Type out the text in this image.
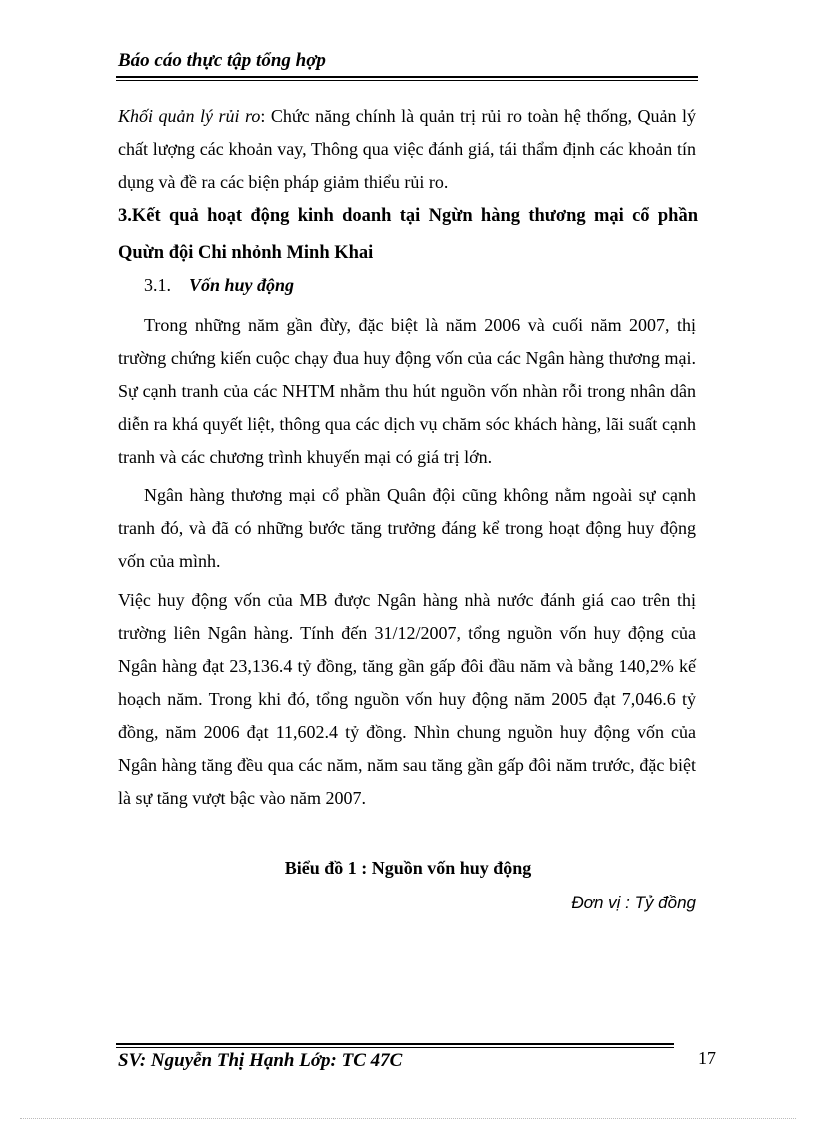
Báo cáo thực tập tổng hợp
Khối quản lý rủi ro: Chức năng chính là quản trị rủi ro toàn hệ thống, Quản lý chất lượng các khoản vay, Thông qua việc đánh giá, tái thẩm định các khoản tín dụng và đề ra các biện pháp giảm thiểu rủi ro.
3.Kết quả hoạt động kinh doanh tại Ngừn hàng thương mại cổ phần Quừn đội Chi nhỏnh Minh Khai
3.1. Vốn huy động
Trong những năm gần đừy, đặc biệt là năm 2006 và cuối năm 2007, thị trường chứng kiến cuộc chạy đua huy động vốn của các Ngân hàng thương mại. Sự cạnh tranh của các NHTM nhằm thu hút nguồn vốn nhàn rỗi trong nhân dân diễn ra khá quyết liệt, thông qua các dịch vụ chăm sóc khách hàng, lãi suất cạnh tranh và các chương trình khuyến mại có giá trị lớn.
Ngân hàng thương mại cổ phần Quân đội cũng không nằm ngoài sự cạnh tranh đó, và đã có những bước tăng trưởng đáng kể trong hoạt động huy động vốn của mình.
Việc huy động vốn của MB được Ngân hàng nhà nước đánh giá cao trên thị trường liên Ngân hàng. Tính đến 31/12/2007, tổng nguồn vốn huy động của Ngân hàng đạt 23,136.4 tỷ đồng, tăng gần gấp đôi đầu năm và bằng 140,2% kế hoạch năm. Trong khi đó, tổng nguồn vốn huy động năm 2005 đạt 7,046.6 tỷ đồng, năm 2006 đạt 11,602.4 tỷ đồng. Nhìn chung nguồn huy động vốn của Ngân hàng tăng đều qua các năm, năm sau tăng gần gấp đôi năm trước, đặc biệt là sự tăng vượt bậc vào năm 2007.
Biểu đồ 1 : Nguồn vốn huy động
Đơn vị : Tỷ đồng
SV: Nguyễn Thị Hạnh Lớp: TC 47C	17
